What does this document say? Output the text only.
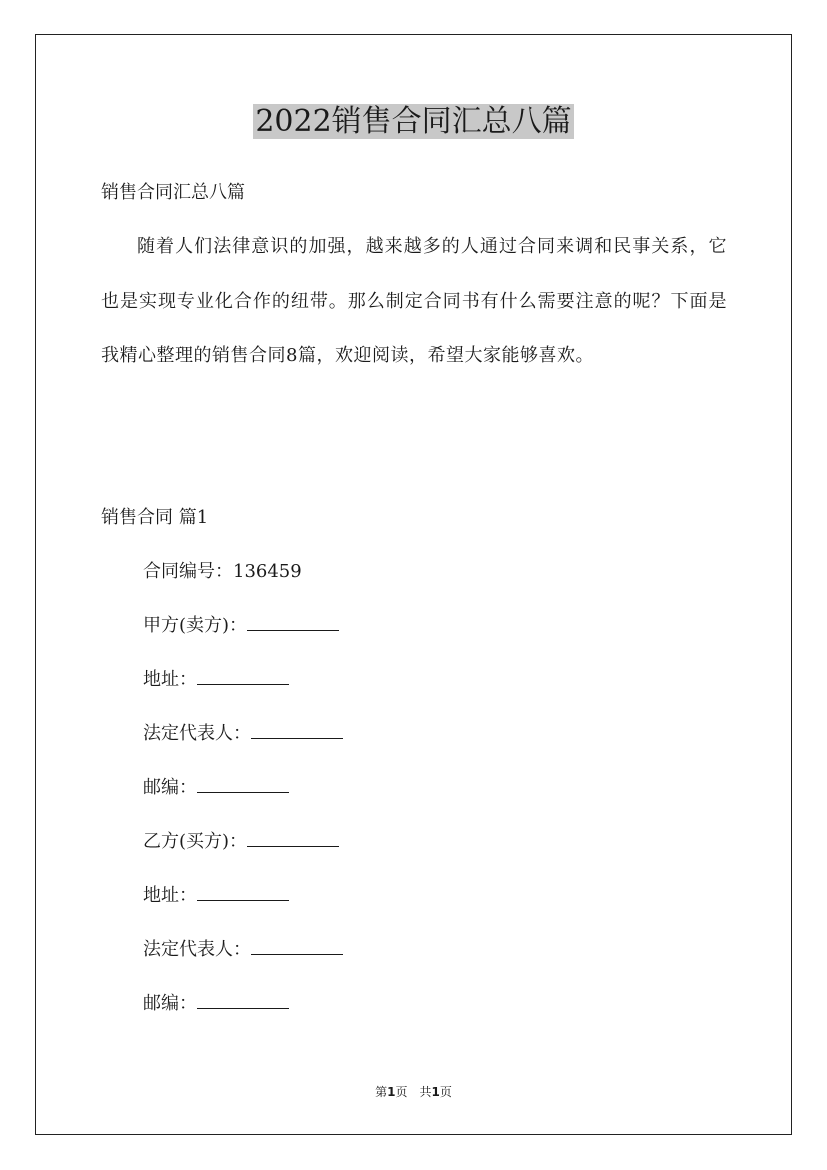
2022销售合同汇总八篇

销售合同汇总八篇

随着人们法律意识的加强，越来越多的人通过合同来调和民事关系，它也是实现专业化合作的纽带。那么制定合同书有什么需要注意的呢？下面是我精心整理的销售合同8篇，欢迎阅读，希望大家能够喜欢。

销售合同 篇1
合同编号：136459
甲方(卖方)：
地址：
法定代表人：
邮编：
乙方(买方)：
地址：
法定代表人：
邮编：
第1页 共1页
